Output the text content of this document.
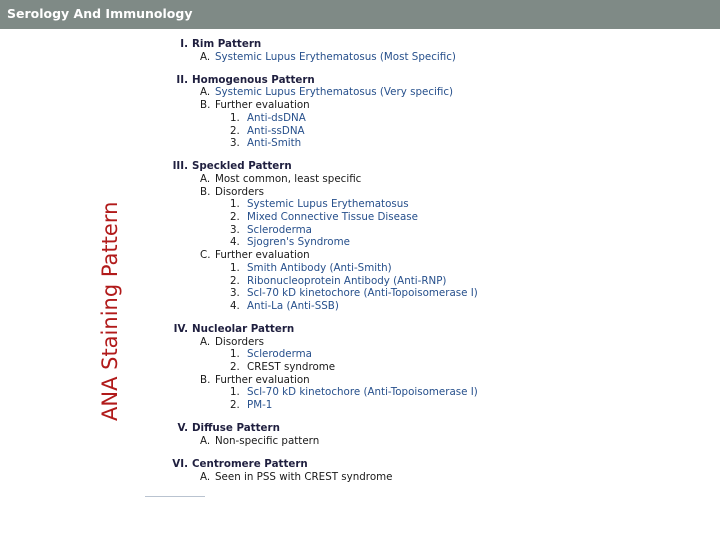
Serology And Immunology
ANA Staining Pattern
I. Rim Pattern
A. Systemic Lupus Erythematosus (Most Specific)
II. Homogenous Pattern
A. Systemic Lupus Erythematosus (Very specific)
B. Further evaluation
1. Anti-dsDNA
2. Anti-ssDNA
3. Anti-Smith
III. Speckled Pattern
A. Most common, least specific
B. Disorders
1. Systemic Lupus Erythematosus
2. Mixed Connective Tissue Disease
3. Scleroderma
4. Sjogren's Syndrome
C. Further evaluation
1. Smith Antibody (Anti-Smith)
2. Ribonucleoprotein Antibody (Anti-RNP)
3. Scl-70 kD kinetochore (Anti-Topoisomerase I)
4. Anti-La (Anti-SSB)
IV. Nucleolar Pattern
A. Disorders
1. Scleroderma
2. CREST syndrome
B. Further evaluation
1. Scl-70 kD kinetochore (Anti-Topoisomerase I)
2. PM-1
V. Diffuse Pattern
A. Non-specific pattern
VI. Centromere Pattern
A. Seen in PSS with CREST syndrome
